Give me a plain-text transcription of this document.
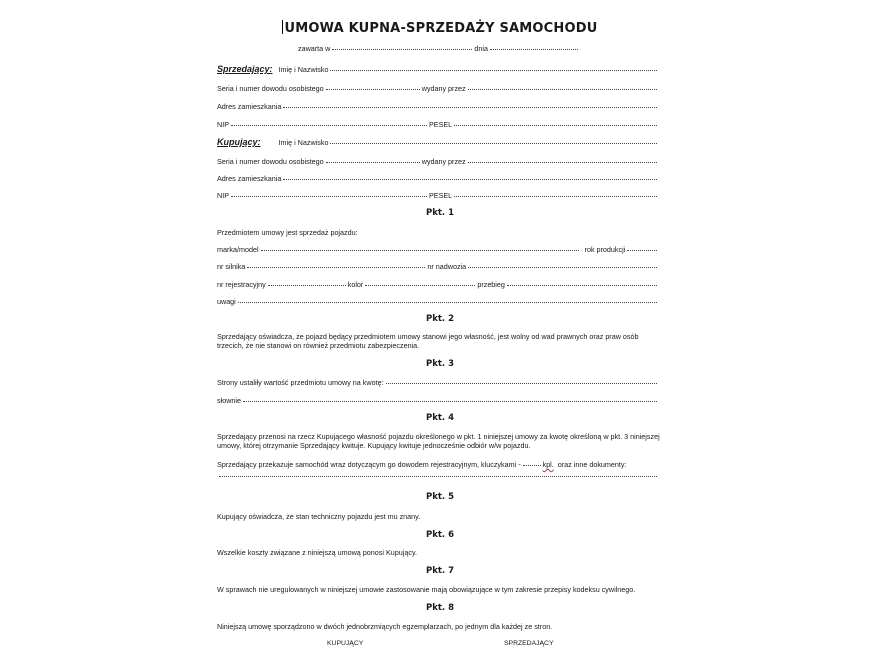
UMOWA KUPNA-SPRZEDAŻY SAMOCHODU
zawarta w	dnia
Sprzedający: Imię i Nazwisko
Seria i numer dowodu osobistego	wydany przez
Adres zamieszkania
NIP	PESEL
Kupujący:	Imię i Nazwisko
Seria i numer dowodu osobistego	wydany przez
Adres zamieszkania
NIP	PESEL
Pkt. 1
Przedmiotem umowy jest sprzedaż pojazdu:
marka/model	rok produkcji
nr silnika	nr nadwozia
nr rejestracyjny	kolor	przebieg
uwagi
Pkt. 2
Sprzedający oświadcza, że pojazd będący przedmiotem umowy stanowi jego własność, jest wolny od wad prawnych oraz praw osób trzecich, że nie stanowi on również przedmiotu zabezpieczenia.
Pkt. 3
Strony ustaliły wartość przedmiotu umowy na kwotę:
słownie
Pkt. 4
Sprzedający przenosi na rzecz Kupującego własność pojazdu określonego w pkt. 1 niniejszej umowy za kwotę określoną w pkt. 3 niniejszej umowy, której otrzymanie Sprzedający kwituje. Kupujący kwituje jednocześnie odbiór w/w pojazdu.
Sprzedający przekazuje samochód wraz dotyczącym go dowodem rejestracyjnym, kluczykami -	kpl. oraz inne dokumenty:
Pkt. 5
Kupujący oświadcza, że stan techniczny pojazdu jest mu znany.
Pkt. 6
Wszelkie koszty związane z niniejszą umową ponosi Kupujący.
Pkt. 7
W sprawach nie uregulowanych w niniejszej umowie zastosowanie mają obowiązujące w tym zakresie przepisy kodeksu cywilnego.
Pkt. 8
Niniejszą umowę sporządzono w dwóch jednobrzmiących egzemplarzach, po jednym dla każdej ze stron.
KUPUJĄCY	SPRZEDAJĄCY
